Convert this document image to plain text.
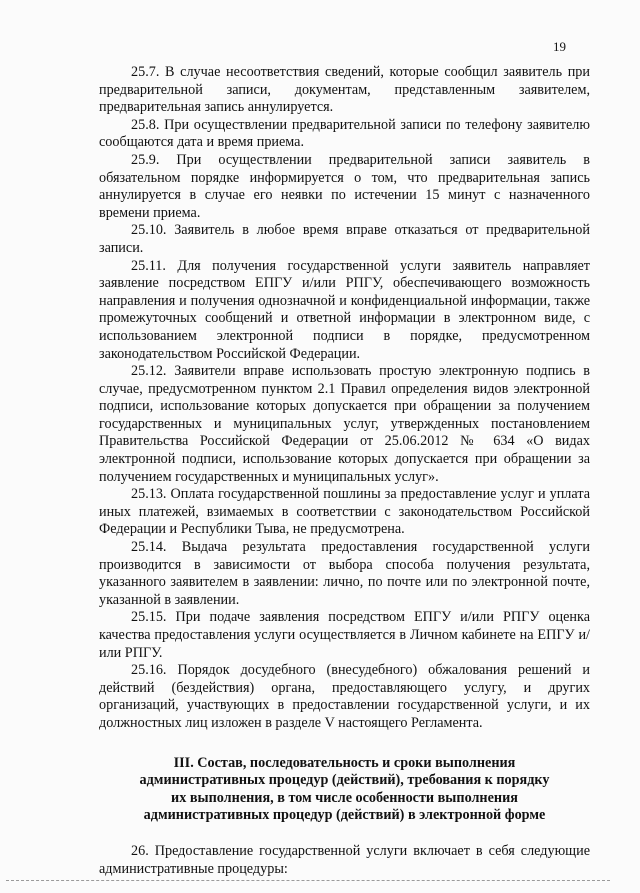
19

25.7. В случае несоответствия сведений, которые сообщил заявитель при предварительной записи, документам, представленным заявителем, предварительная запись аннулируется.

25.8. При осуществлении предварительной записи по телефону заявителю сообщаются дата и время приема.

25.9. При осуществлении предварительной записи заявитель в обязательном порядке информируется о том, что предварительная запись аннулируется в случае его неявки по истечении 15 минут с назначенного времени приема.

25.10. Заявитель в любое время вправе отказаться от предварительной записи.

25.11. Для получения государственной услуги заявитель направляет заявление посредством ЕПГУ и/или РПГУ, обеспечивающего возможность направления и получения однозначной и конфиденциальной информации, также промежуточных сообщений и ответной информации в электронном виде, с использованием электронной подписи в порядке, предусмотренном законодательством Российской Федерации.

25.12. Заявители вправе использовать простую электронную подпись в случае, предусмотренном пунктом 2.1 Правил определения видов электронной подписи, использование которых допускается при обращении за получением государственных и муниципальных услуг, утвержденных постановлением Правительства Российской Федерации от 25.06.2012 № 634 «О видах электронной подписи, использование которых допускается при обращении за получением государственных и муниципальных услуг».

25.13. Оплата государственной пошлины за предоставление услуг и уплата иных платежей, взимаемых в соответствии с законодательством Российской Федерации и Республики Тыва, не предусмотрена.

25.14. Выдача результата предоставления государственной услуги производится в зависимости от выбора способа получения результата, указанного заявителем в заявлении: лично, по почте или по электронной почте, указанной в заявлении.

25.15. При подаче заявления посредством ЕПГУ и/или РПГУ оценка качества предоставления услуги осуществляется в Личном кабинете на ЕПГУ и/или РПГУ.

25.16. Порядок досудебного (внесудебного) обжалования решений и действий (бездействия) органа, предоставляющего услугу, и других организаций, участвующих в предоставлении государственной услуги, и их должностных лиц изложен в разделе V настоящего Регламента.

III. Состав, последовательность и сроки выполнения
административных процедур (действий), требования к порядку
их выполнения, в том числе особенности выполнения
административных процедур (действий) в электронной форме

26. Предоставление государственной услуги включает в себя следующие административные процедуры:
